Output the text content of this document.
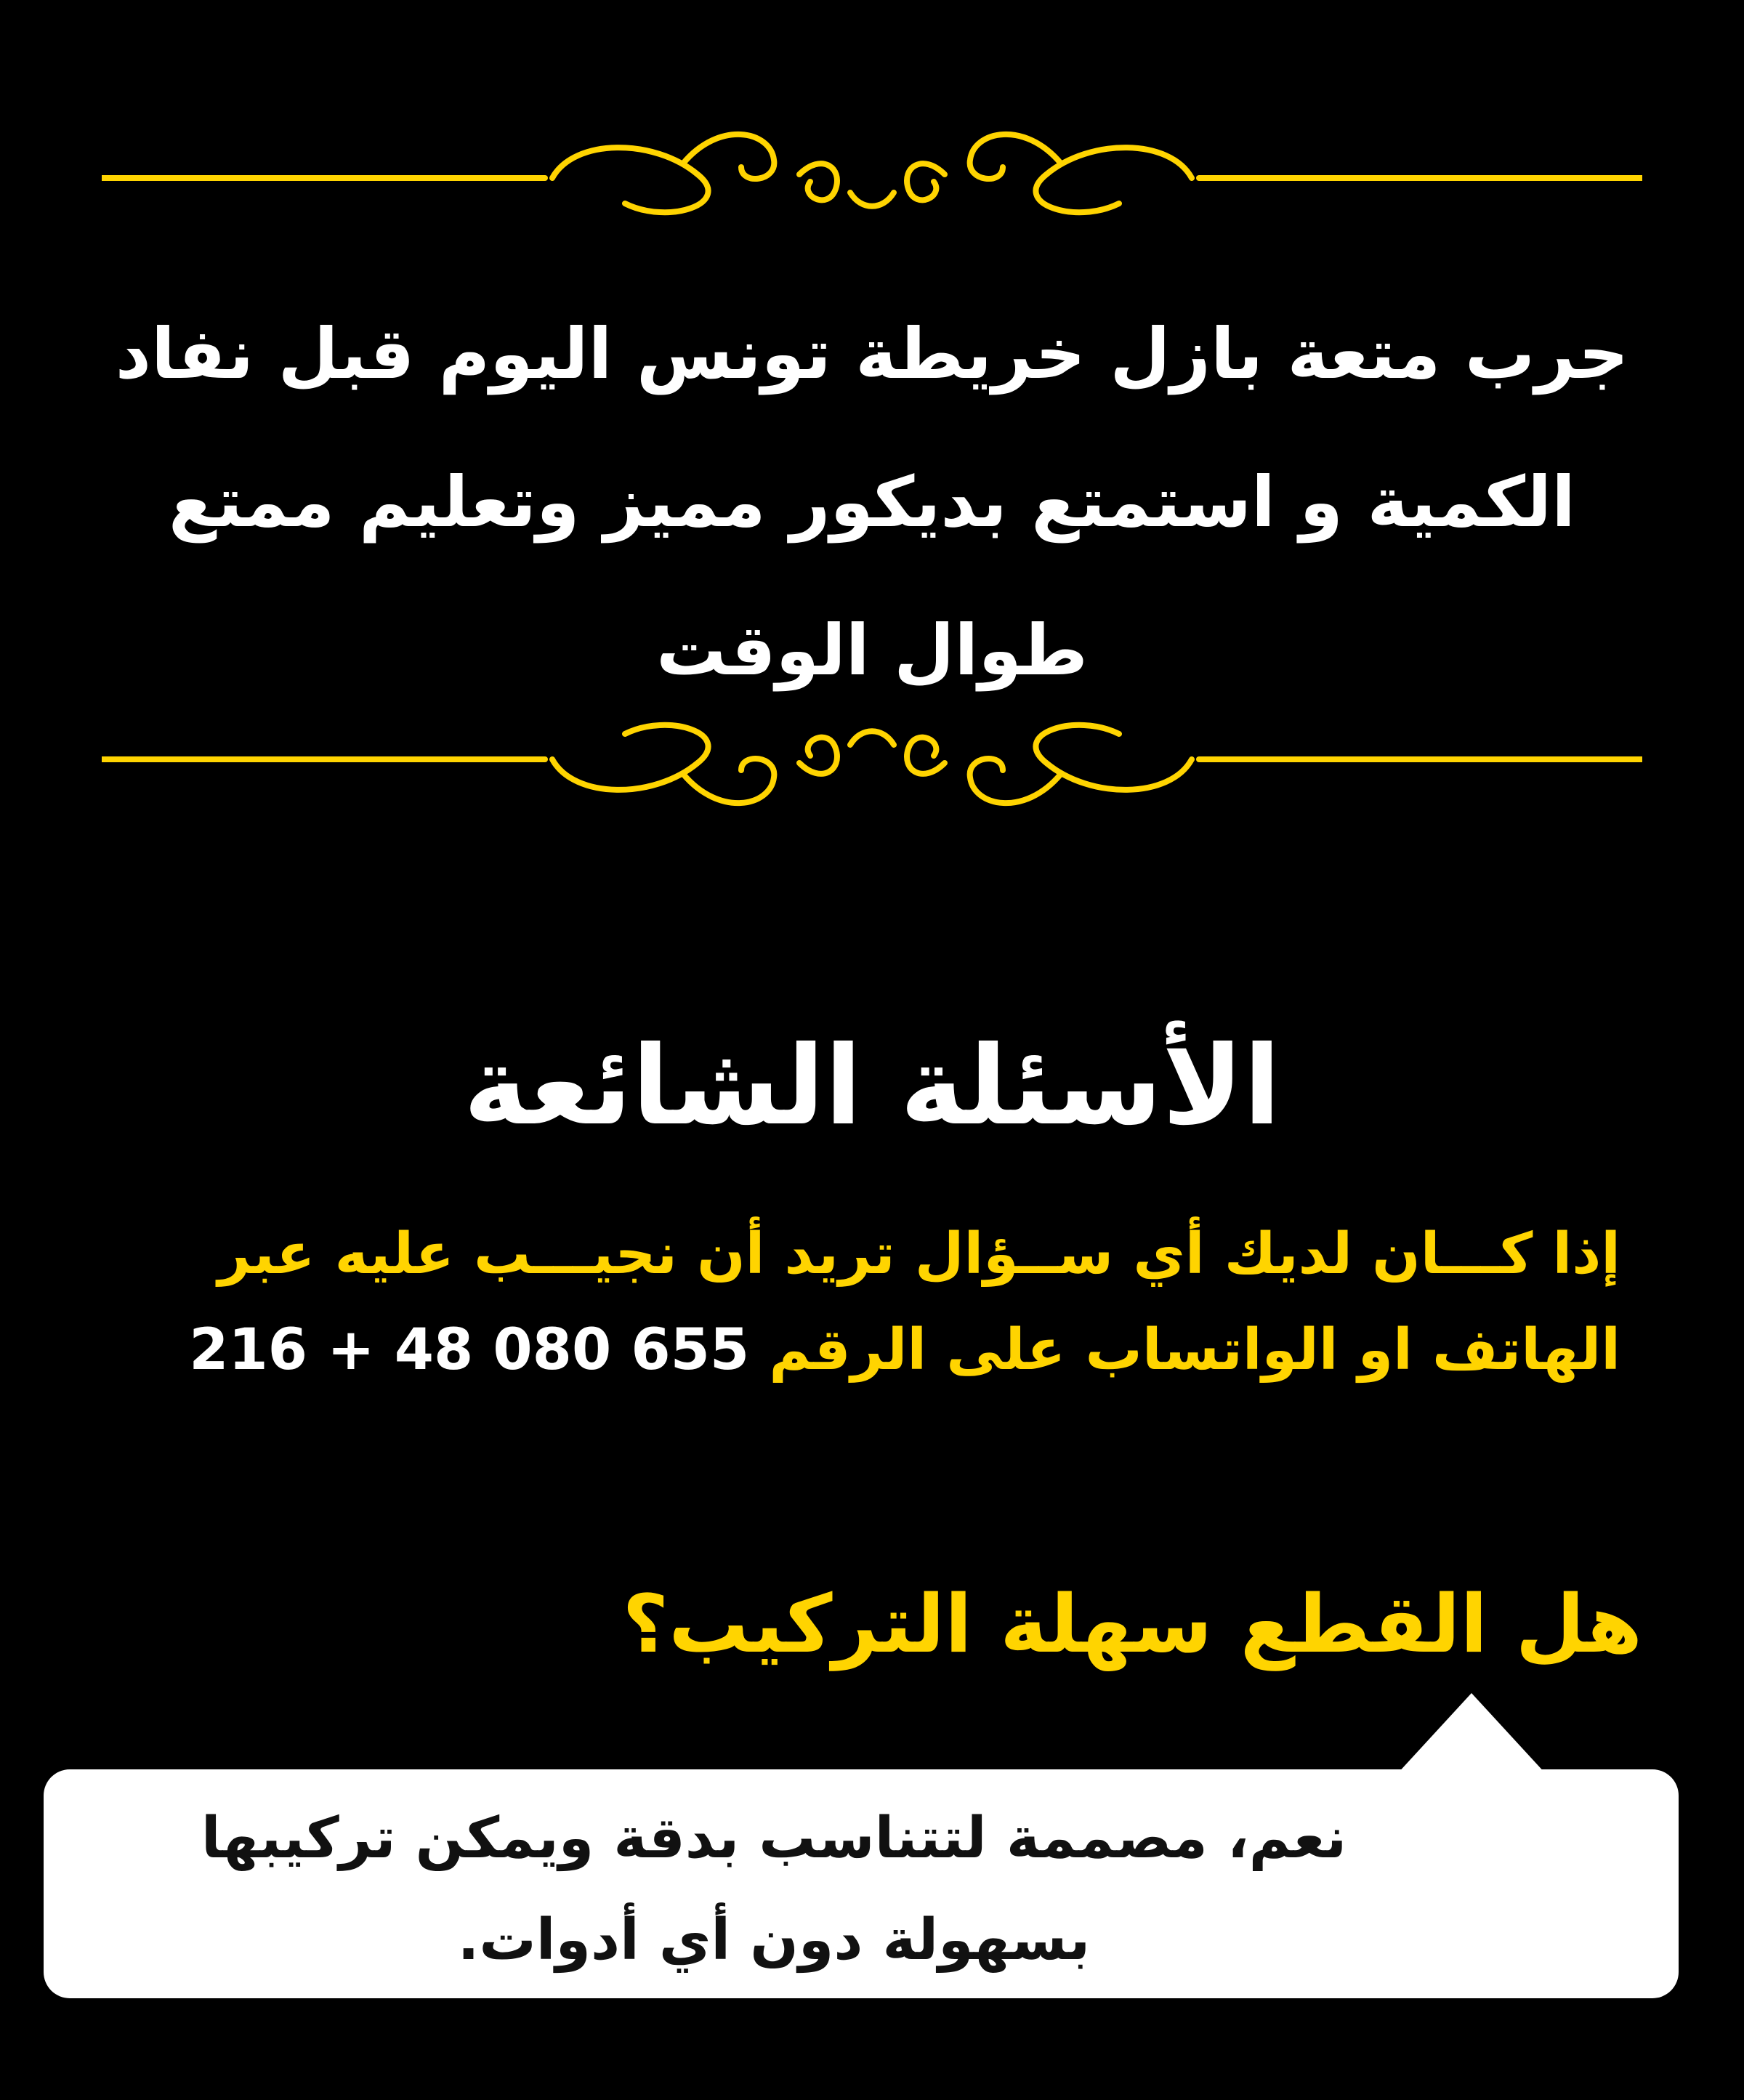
جرب متعة بازل خريطة تونس اليوم قبل نفاد
الكمية و استمتع بديكور مميز وتعليم ممتع
طوال الوقت
الأسئلة الشائعة
إذا كـــان لديك أي ســؤال تريد أن نجيـــب عليه عبر
الهاتف او الواتساب على الرقم 216 + 48 080 655
هل القطع سهلة التركيب؟
نعم، مصممة لتتناسب بدقة ويمكن تركيبها
بسهولة دون أي أدوات.
